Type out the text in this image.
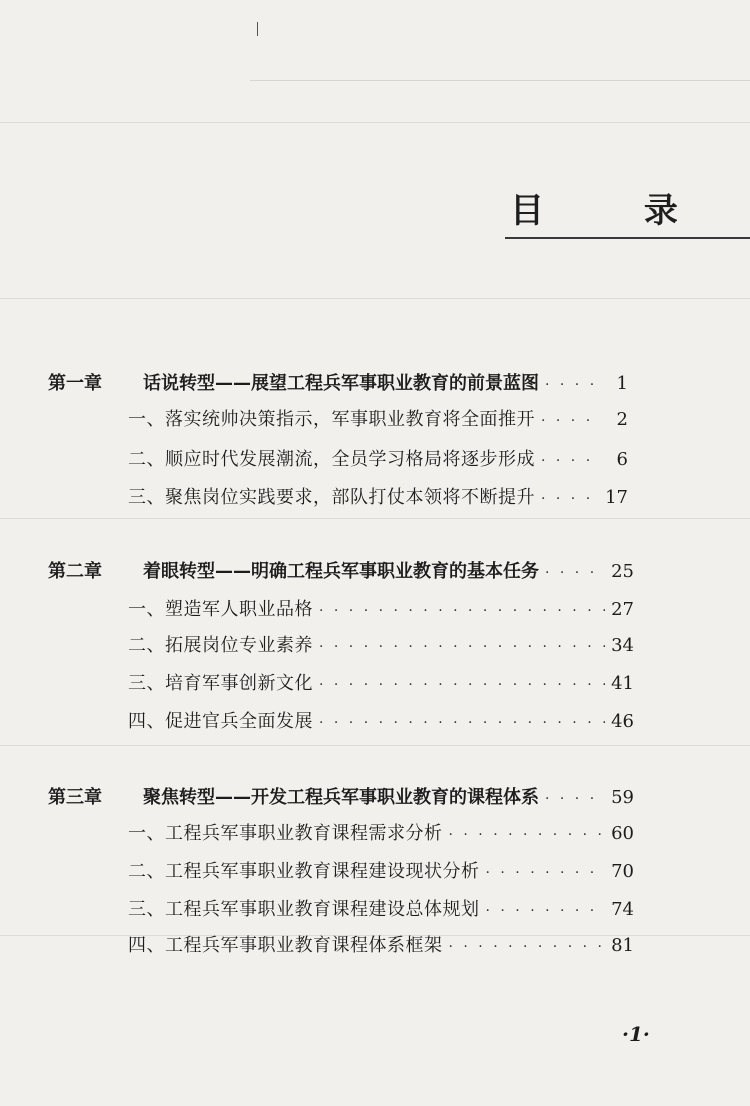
目 录
第一章	话说转型——展望工程兵军事职业教育的前景蓝图 · · ·	1
一、落实统帅决策指示，军事职业教育将全面推开 · · ·	2
二、顺应时代发展潮流，全员学习格局将逐步形成 · · ·	6
三、聚焦岗位实践要求，部队打仗本领将不断提升 · · ·	17
第二章	着眼转型——明确工程兵军事职业教育的基本任务 · · ·	25
一、塑造军人职业品格 · · ·	27
二、拓展岗位专业素养 · · ·	34
三、培育军事创新文化 · · ·	41
四、促进官兵全面发展 · · ·	46
第三章	聚焦转型——开发工程兵军事职业教育的课程体系 · · ·	59
一、工程兵军事职业教育课程需求分析 · · ·	60
二、工程兵军事职业教育课程建设现状分析 · · ·	70
三、工程兵军事职业教育课程建设总体规划 · · ·	74
四、工程兵军事职业教育课程体系框架 · · ·	81
·1·
